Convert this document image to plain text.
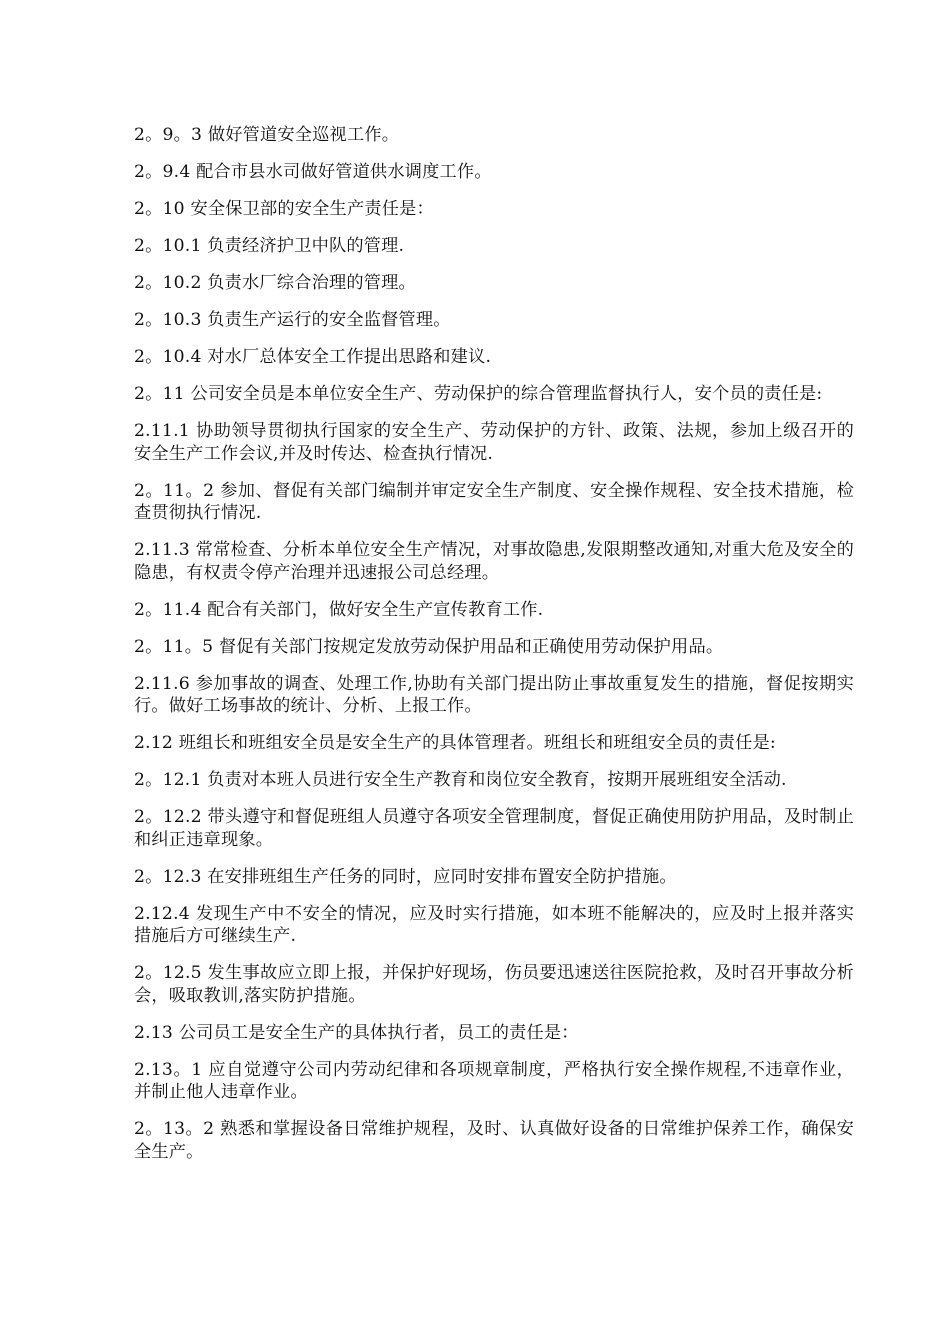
2。9。3 做好管道安全巡视工作。

2。9.4 配合市县水司做好管道供水调度工作。

2。10 安全保卫部的安全生产责任是：

2。10.1 负责经济护卫中队的管理.

2。10.2 负责水厂综合治理的管理。

2。10.3 负责生产运行的安全监督管理。

2。10.4 对水厂总体安全工作提出思路和建议.

2。11 公司安全员是本单位安全生产、劳动保护的综合管理监督执行人，安个员的责任是:

2.11.1 协助领导贯彻执行国家的安全生产、劳动保护的方针、政策、法规，参加上级召开的安全生产工作会议,并及时传达、检查执行情况.

2。11。2 参加、督促有关部门编制并审定安全生产制度、安全操作规程、安全技术措施，检查贯彻执行情况.

2.11.3 常常检查、分析本单位安全生产情况，对事故隐患,发限期整改通知,对重大危及安全的隐患，有权责令停产治理并迅速报公司总经理。

2。11.4 配合有关部门，做好安全生产宣传教育工作.

2。11。5 督促有关部门按规定发放劳动保护用品和正确使用劳动保护用品。

2.11.6 参加事故的调查、处理工作,协助有关部门提出防止事故重复发生的措施，督促按期实行。做好工场事故的统计、分析、上报工作。

2.12 班组长和班组安全员是安全生产的具体管理者。班组长和班组安全员的责任是:

2。12.1 负责对本班人员进行安全生产教育和岗位安全教育，按期开展班组安全活动.

2。12.2 带头遵守和督促班组人员遵守各项安全管理制度，督促正确使用防护用品，及时制止和纠正违章现象。

2。12.3 在安排班组生产任务的同时，应同时安排布置安全防护措施。

2.12.4 发现生产中不安全的情况，应及时实行措施，如本班不能解决的，应及时上报并落实措施后方可继续生产.

2。12.5 发生事故应立即上报，并保护好现场，伤员要迅速送往医院抢救，及时召开事故分析会，吸取教训,落实防护措施。

2.13 公司员工是安全生产的具体执行者，员工的责任是：

2.13。1 应自觉遵守公司内劳动纪律和各项规章制度，严格执行安全操作规程,不违章作业，并制止他人违章作业。

2。13。2 熟悉和掌握设备日常维护规程，及时、认真做好设备的日常维护保养工作，确保安全生产。
